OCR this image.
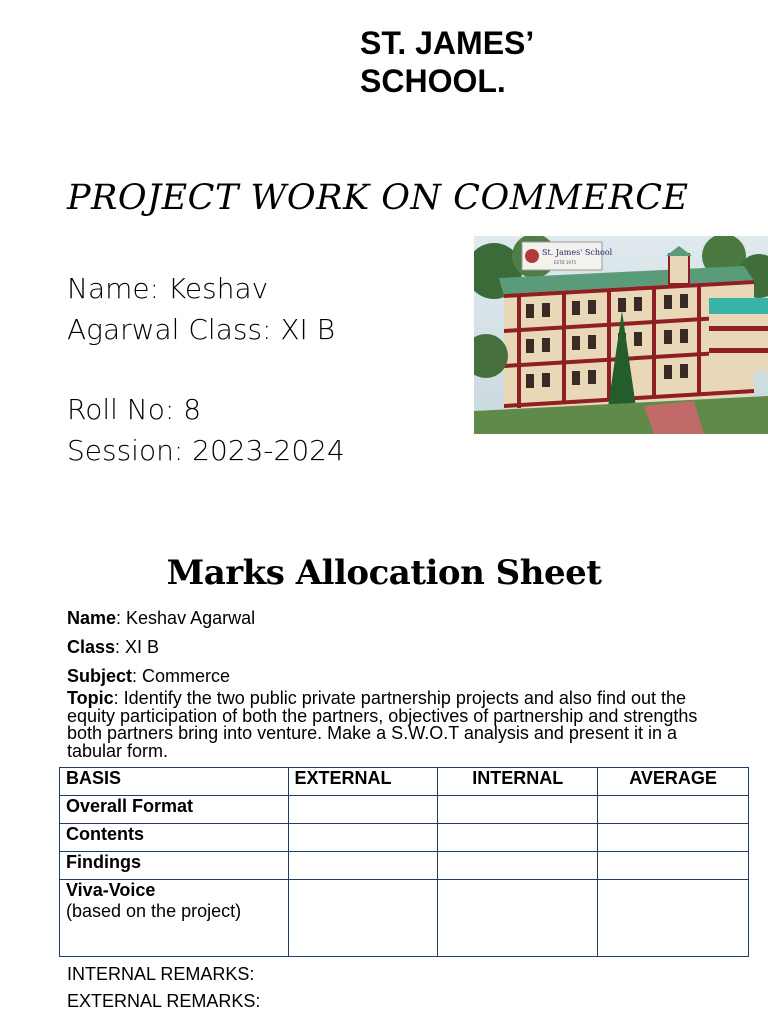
ST. JAMES’
SCHOOL.
PROJECT WORK ON COMMERCE
Name: Keshav
Agarwal Class: XI B
Roll No: 8
Session: 2023-2024
St. James' School
ESTD 1975
Marks Allocation Sheet
Name: Keshav Agarwal
Class: XI B
Subject: Commerce
Topic: Identify the two public private partnership projects and also find out the equity participation of both the partners, objectives of partnership and strengths both partners bring into venture. Make a S.W.O.T analysis and present it in a tabular form.
BASIS	EXTERNAL	INTERNAL	AVERAGE
Overall Format			
Contents			
Findings			

Viva-Voice
(based on the project)			

INTERNAL REMARKS:
EXTERNAL REMARKS:
